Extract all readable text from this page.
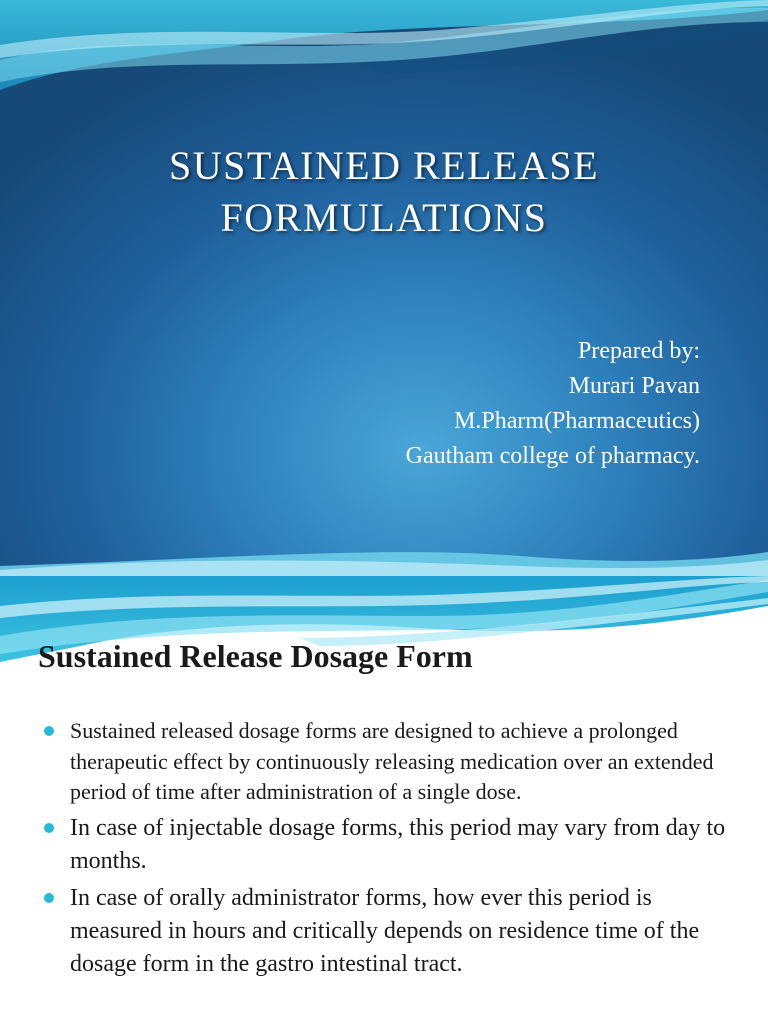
SUSTAINED RELEASE
FORMULATIONS
Prepared by:
Murari Pavan
M.Pharm(Pharmaceutics)
Gautham college of pharmacy.
Sustained Release Dosage Form
Sustained released dosage forms are designed to achieve a prolonged therapeutic effect by continuously releasing medication over an extended period of time after administration of a single dose.
In case of injectable dosage forms, this period may vary from day to months.
In case of orally administrator forms, how ever this period is measured in hours and critically depends on residence time of the dosage form in the gastro intestinal tract.
